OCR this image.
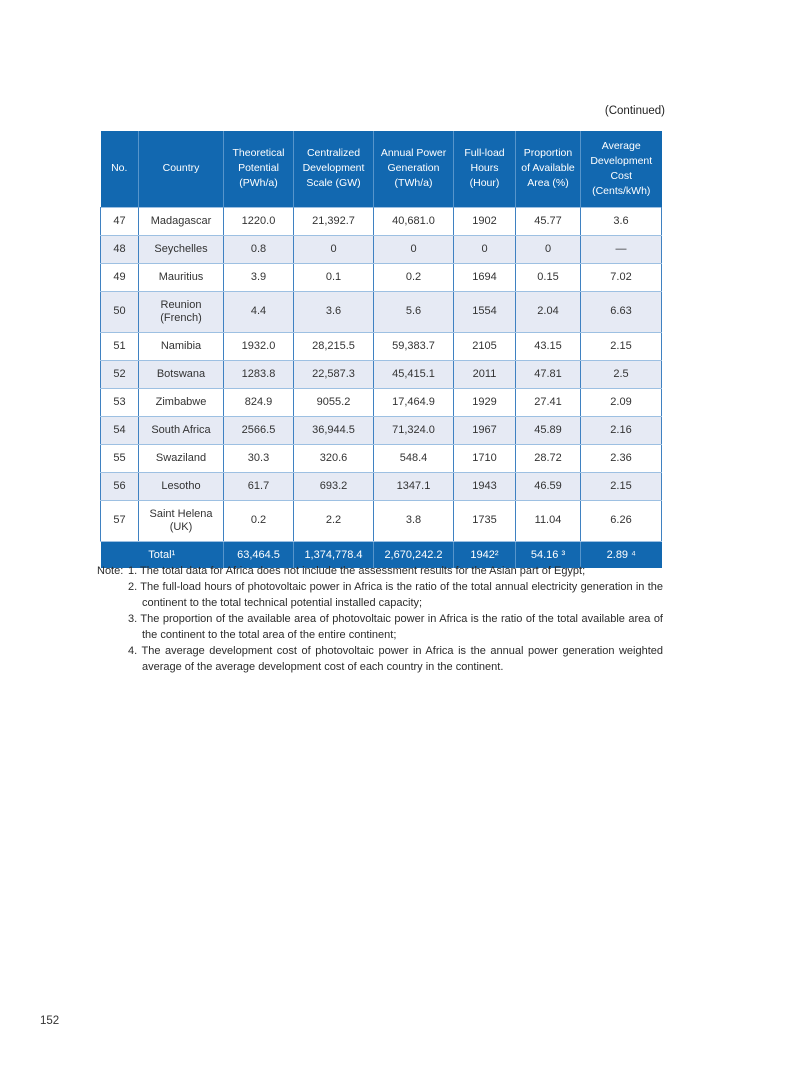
(Continued)
No.	Country	Theoretical Potential (PWh/a)	Centralized Development Scale (GW)	Annual Power Generation (TWh/a)	Full-load Hours (Hour)	Proportion of Available Area (%)	Average Development Cost (Cents/kWh)
47	Madagascar	1220.0	21,392.7	40,681.0	1902	45.77	3.6
48	Seychelles	0.8	0	0	0	0	—
49	Mauritius	3.9	0.1	0.2	1694	0.15	7.02
50	Reunion (French)	4.4	3.6	5.6	1554	2.04	6.63
51	Namibia	1932.0	28,215.5	59,383.7	2105	43.15	2.15
52	Botswana	1283.8	22,587.3	45,415.1	2011	47.81	2.5
53	Zimbabwe	824.9	9055.2	17,464.9	1929	27.41	2.09
54	South Africa	2566.5	36,944.5	71,324.0	1967	45.89	2.16
55	Swaziland	30.3	320.6	548.4	1710	28.72	2.36
56	Lesotho	61.7	693.2	1347.1	1943	46.59	2.15
57	Saint Helena (UK)	0.2	2.2	3.8	1735	11.04	6.26
Total¹		63,464.5	1,374,778.4	2,670,242.2	1942²	54.16 ³	2.89 ⁴
Note: 1. The total data for Africa does not include the assessment results for the Asian part of Egypt;
2. The full-load hours of photovoltaic power in Africa is the ratio of the total annual electricity generation in the continent to the total technical potential installed capacity;
3. The proportion of the available area of photovoltaic power in Africa is the ratio of the total available area of the continent to the total area of the entire continent;
4. The average development cost of photovoltaic power in Africa is the annual power generation weighted average of the average development cost of each country in the continent.
152
